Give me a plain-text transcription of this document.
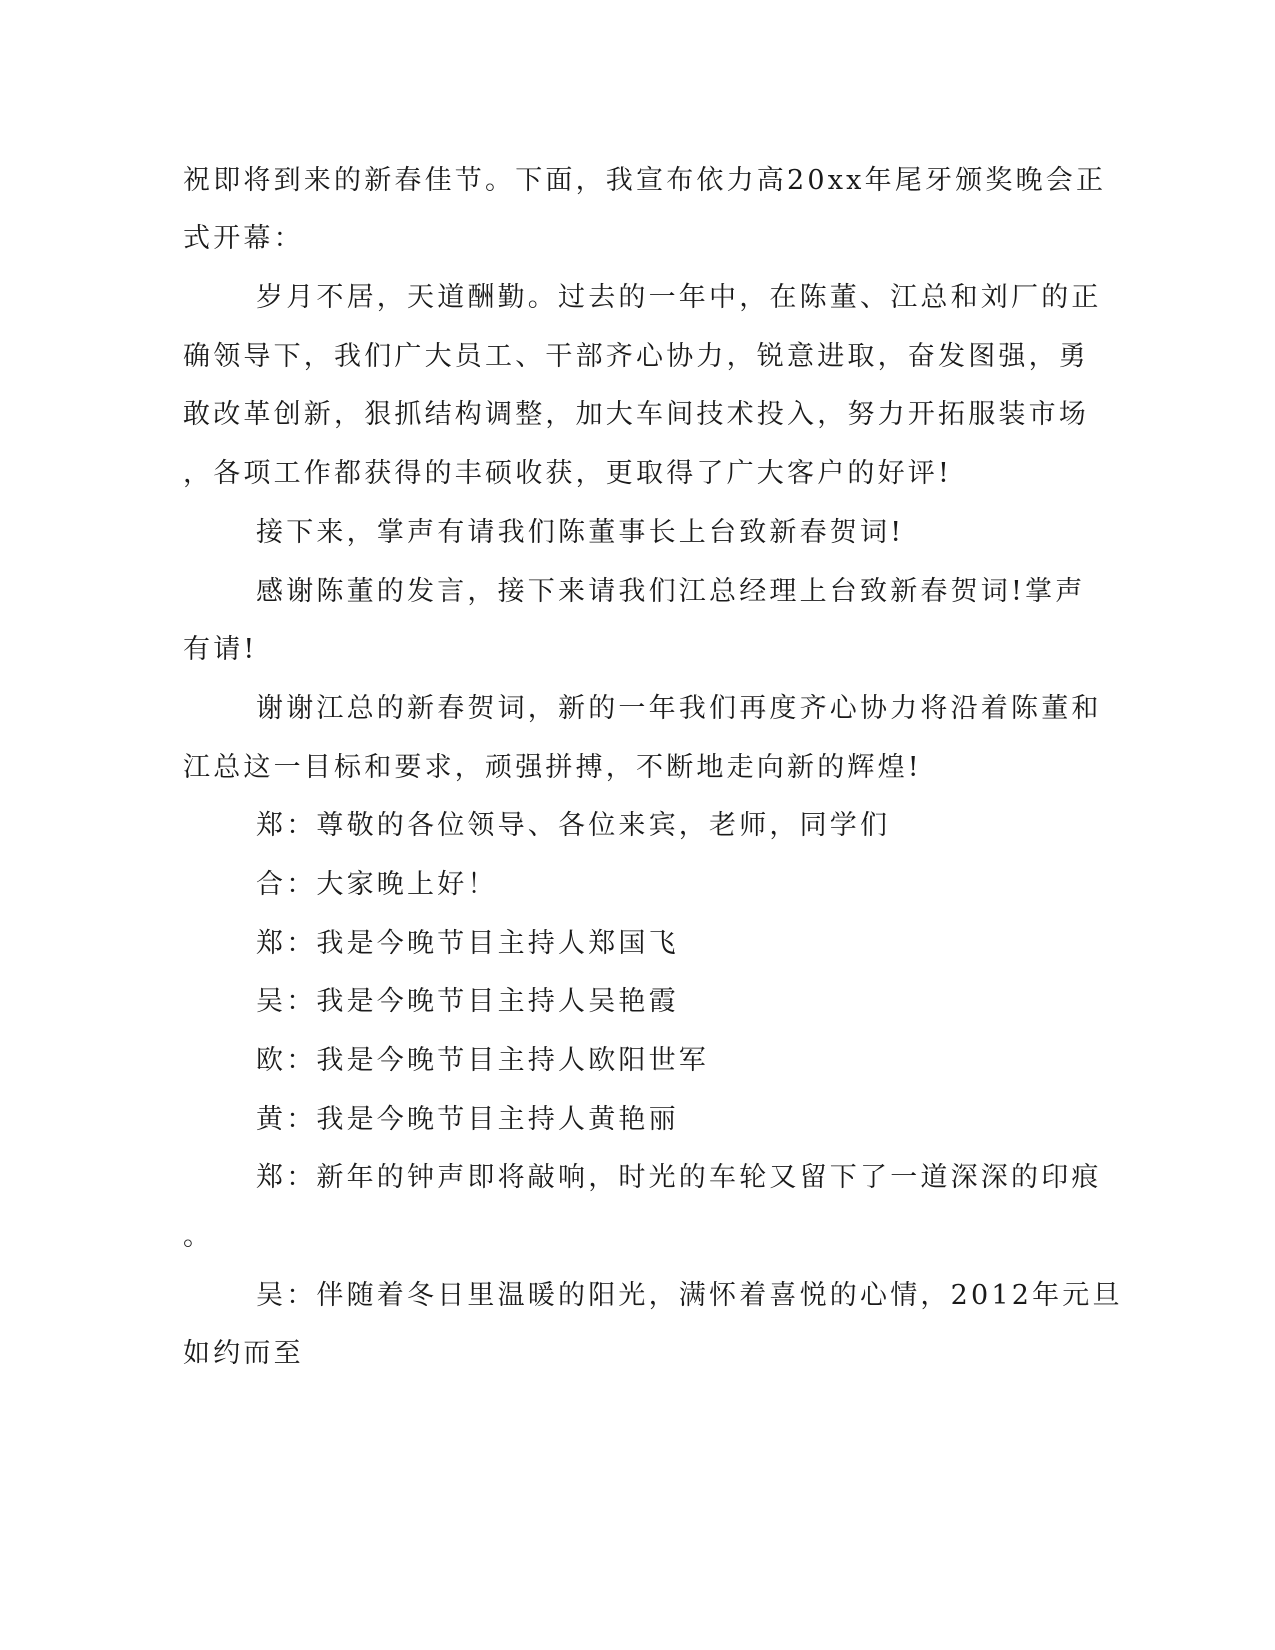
祝即将到来的新春佳节。下面，我宣布依力高20xx年尾牙颁奖晚会正
式开幕：
岁月不居，天道酬勤。过去的一年中，在陈董、江总和刘厂的正
确领导下，我们广大员工、干部齐心协力，锐意进取，奋发图强，勇
敢改革创新，狠抓结构调整，加大车间技术投入，努力开拓服装市场
，各项工作都获得的丰硕收获，更取得了广大客户的好评!
接下来，掌声有请我们陈董事长上台致新春贺词!
感谢陈董的发言，接下来请我们江总经理上台致新春贺词!掌声
有请!
谢谢江总的新春贺词，新的一年我们再度齐心协力将沿着陈董和
江总这一目标和要求，顽强拼搏，不断地走向新的辉煌!
郑：尊敬的各位领导、各位来宾，老师，同学们
合：大家晚上好！
郑：我是今晚节目主持人郑国飞
吴：我是今晚节目主持人吴艳霞
欧：我是今晚节目主持人欧阳世军
黄：我是今晚节目主持人黄艳丽
郑：新年的钟声即将敲响，时光的车轮又留下了一道深深的印痕
。
吴：伴随着冬日里温暖的阳光，满怀着喜悦的心情，2012年元旦
如约而至
